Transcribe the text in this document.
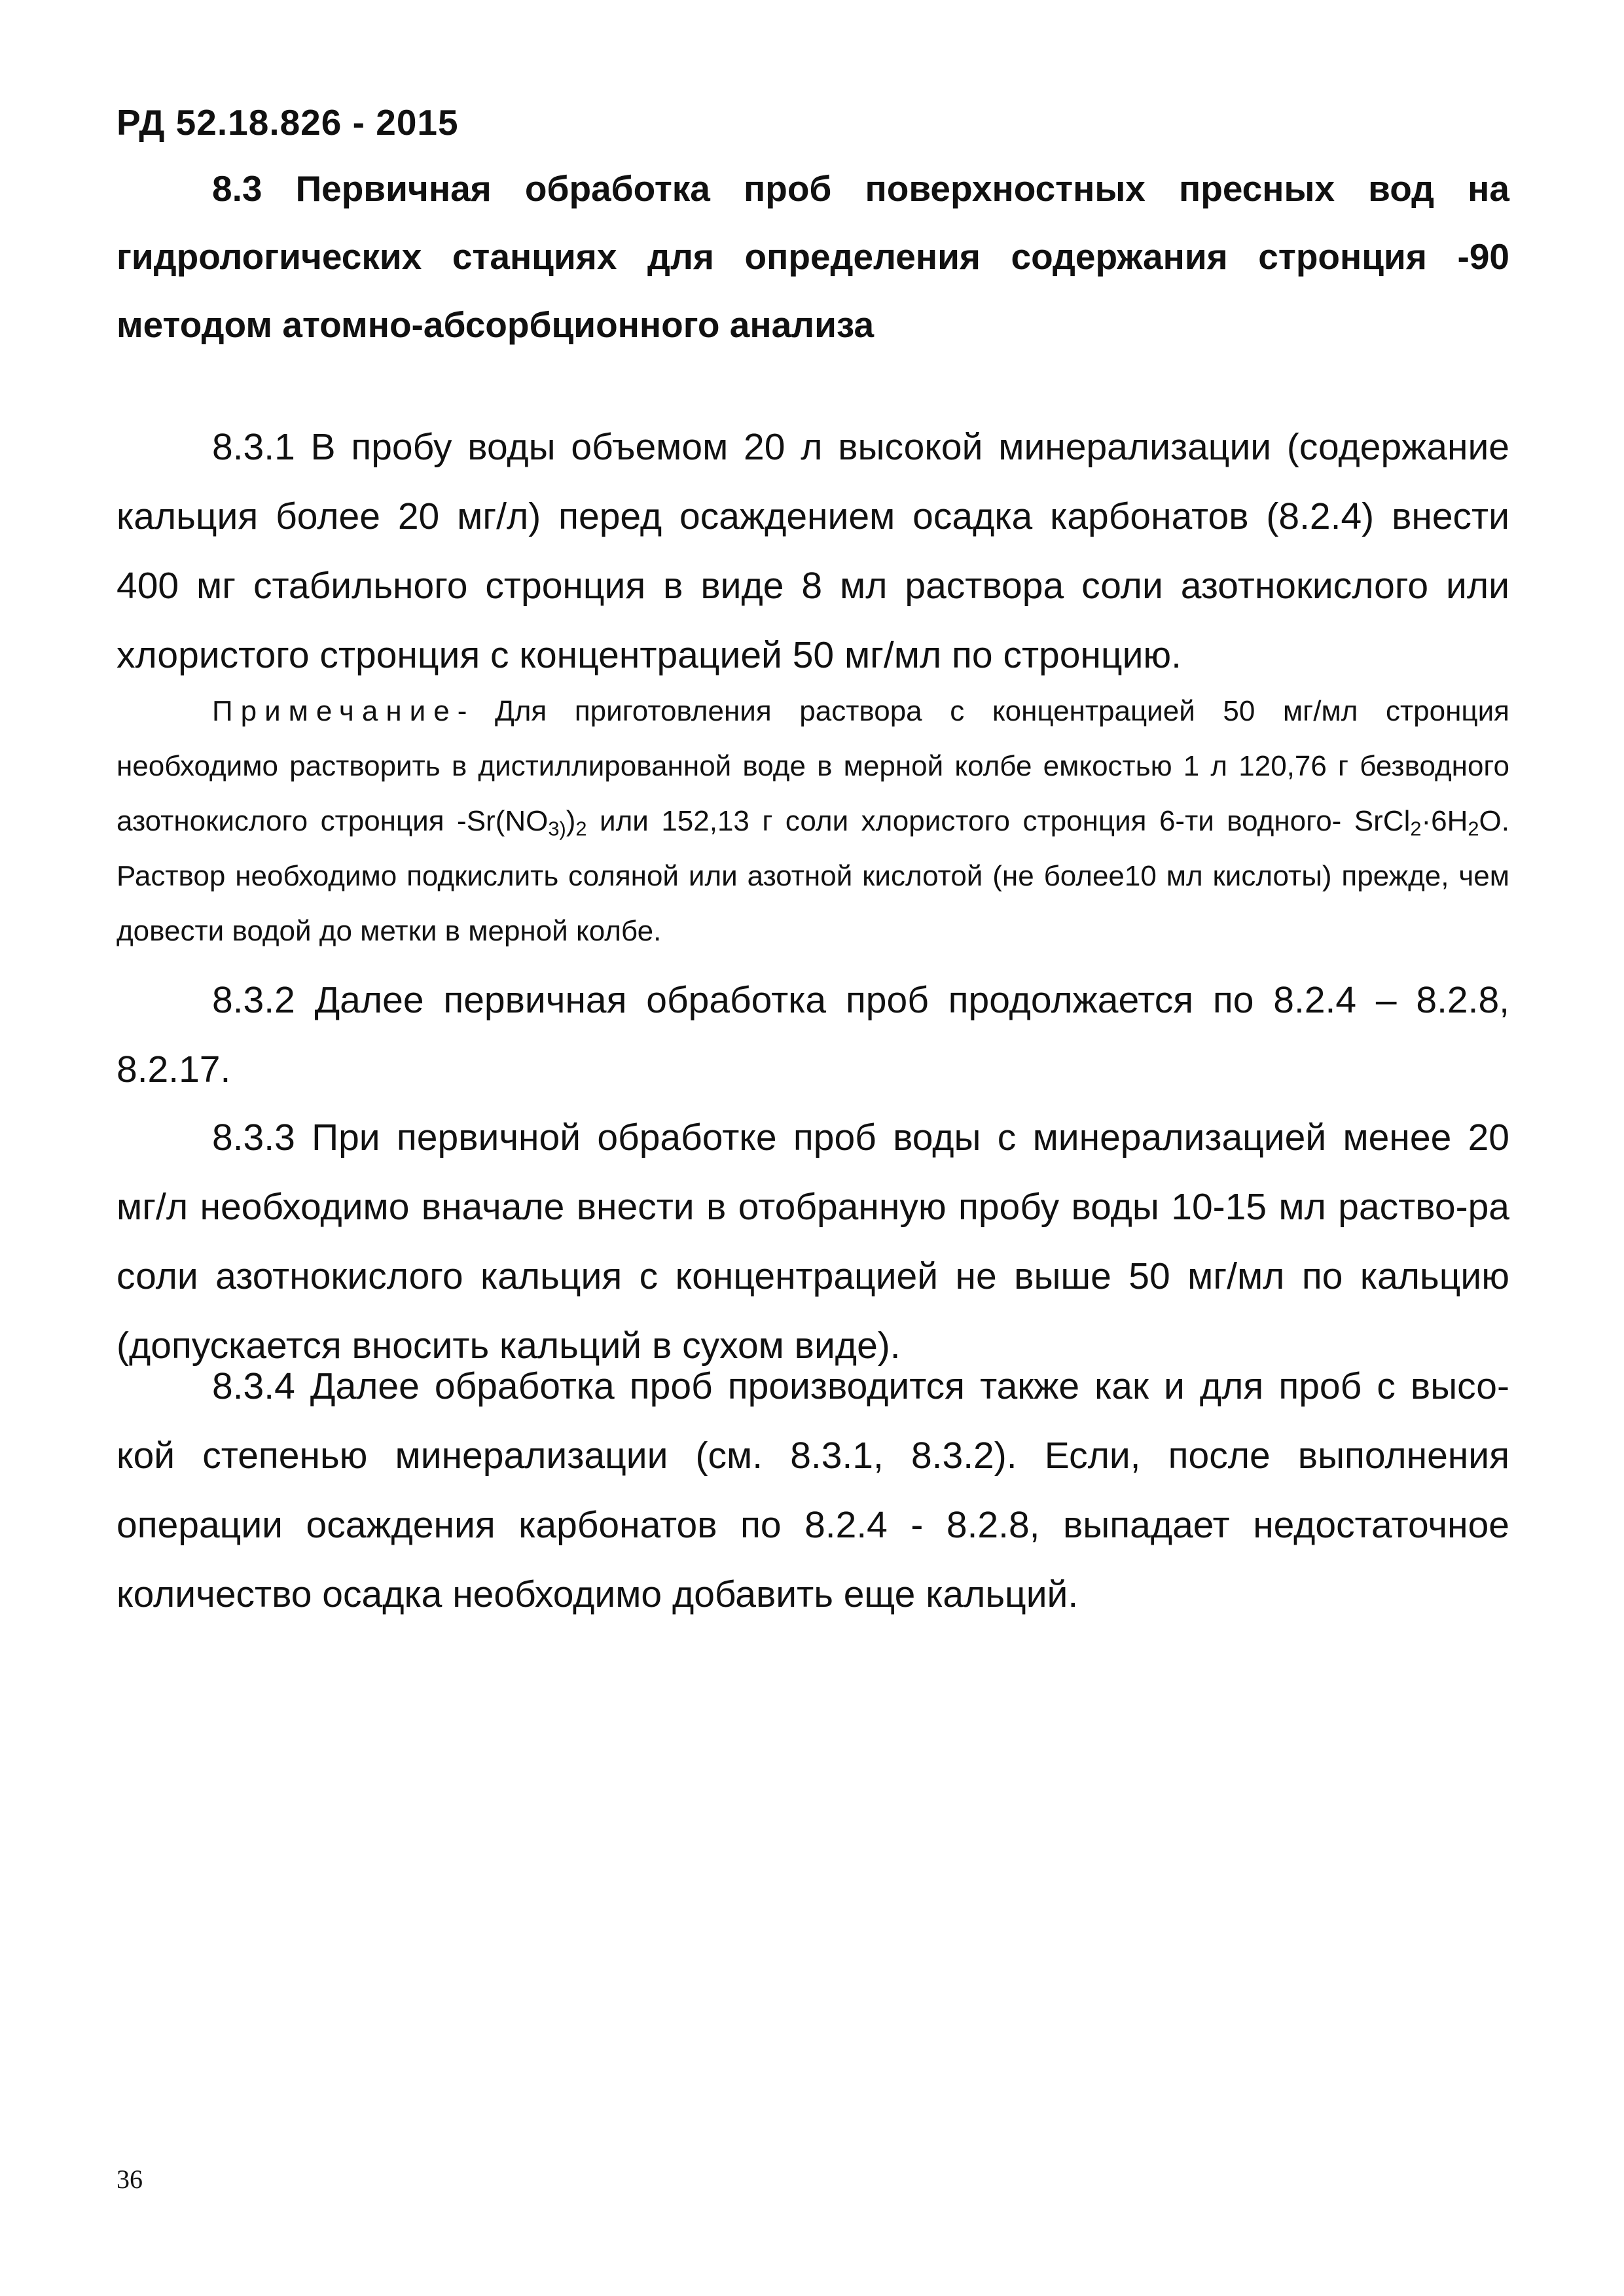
РД 52.18.826 - 2015
8.3 Первичная обработка проб поверхностных пресных вод на гидрологических станциях для определения содержания стронция -90 методом атомно-абсорбционного анализа
8.3.1 В пробу воды объемом 20 л высокой минерализации (содержание кальция более 20 мг/л) перед осаждением осадка карбонатов (8.2.4) внести 400 мг стабильного стронция в виде 8 мл раствора соли азотнокислого или хлористого стронция с концентрацией 50 мг/мл по стронцию.
Примечание- Для приготовления раствора с концентрацией 50 мг/мл стронция необходимо растворить в дистиллированной воде в мерной колбе емкостью 1 л 120,76 г безводного азотнокислого стронция $-Sr(NO_{3)})_2$ или 152,13 г соли хлористого стронция 6-ти водного- $SrCl_2\cdot 6H_2O$. Раствор необходимо подкислить соляной или азотной кислотой (не более10 мл кислоты) прежде, чем довести водой до метки в мерной колбе.
8.3.2 Далее первичная обработка проб продолжается по 8.2.4 – 8.2.8, 8.2.17.
8.3.3 При первичной обработке проб воды с минерализацией менее 20 мг/л необходимо вначале внести в отобранную пробу воды 10-15 мл раство-ра соли азотнокислого кальция с концентрацией не выше 50 мг/мл по кальцию (допускается вносить кальций в сухом виде).
8.3.4 Далее обработка проб производится также как и для проб с высо-кой степенью минерализации (см. 8.3.1, 8.3.2). Если, после выполнения операции осаждения карбонатов по 8.2.4 - 8.2.8, выпадает недостаточное количество осадка необходимо добавить еще кальций.
36
